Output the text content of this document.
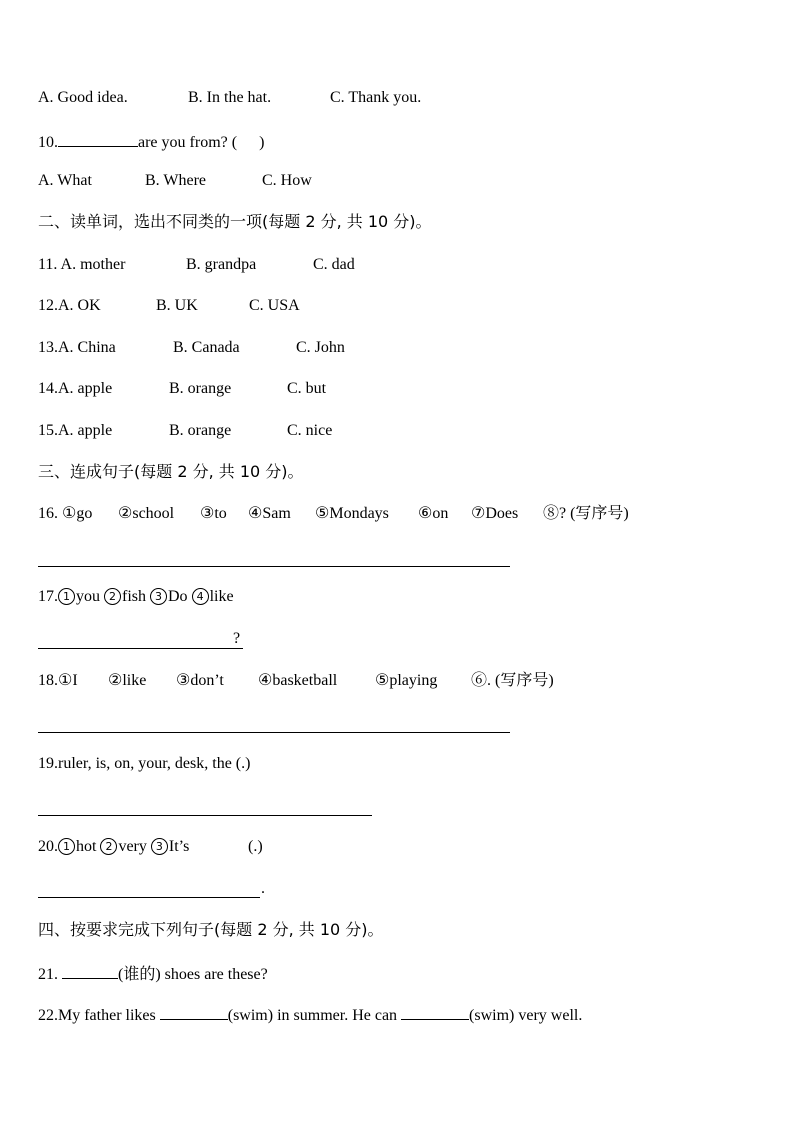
A. Good idea.	B. In the hat.	C. Thank you.
10.	are you from? ( )
A. What	B. Where	C. How
二、读单词，选出不同类的一项(每题 2 分, 共 10 分)。
11. A. mother	B. grandpa	C. dad
12.A. OK	B. UK	C. USA
13.A. China	B. Canada	C. John
14.A. apple	B. orange	C. but
15.A. apple	B. orange	C. nice
三、连成句子(每题 2 分, 共 10 分)。
16. ①go ②school ③to ④Sam ⑤Mondays ⑥on ⑦Does ⑧? (写序号)
17. 1 you 2 fish 3 Do 4 like
?
18.①I ②like ③don’t ④basketball ⑤playing ⑥. (写序号)
19.ruler, is, on, your, desk, the (.)
20. 1 hot 2 very 3 It’s	(.)
.
四、按要求完成下列句子(每题 2 分, 共 10 分)。
21.	(谁的) shoes are these?
22.My father likes	(swim) in summer. He can	(swim) very well.
